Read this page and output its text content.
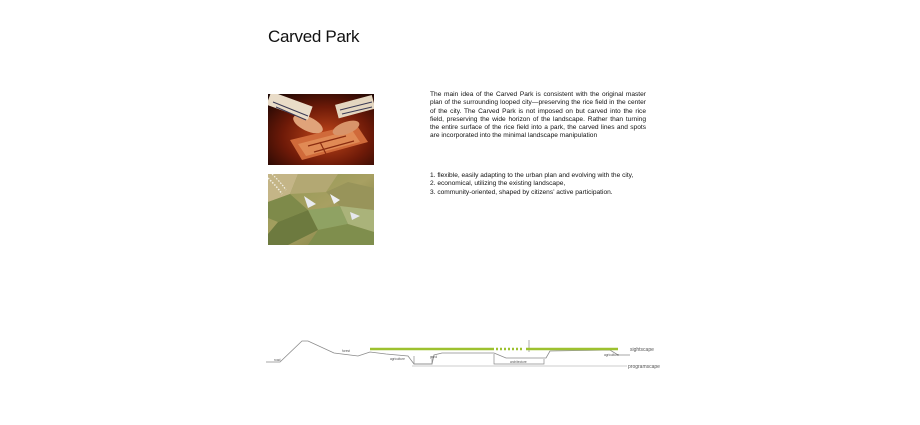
Carved Park
The main idea of the Carved Park is consistent with the original master plan of the surrounding looped city—preserving the rice field in the center of the city. The Carved Park is not imposed on but carved into the rice field, preserving the wide horizon of the landscape. Rather than turning the entire surface of the rice field into a park, the carved lines and spots are incorporated into the minimal landscape manipulation
1. flexible, easily adapting to the urban plan and evolving with the city,
2. economical, utilizing the existing landscape,
3. community-oriented, shaped by citizens’ active participation.
road
forest
agriculture	pond
architecture
agriculture
sightscape
programscape
